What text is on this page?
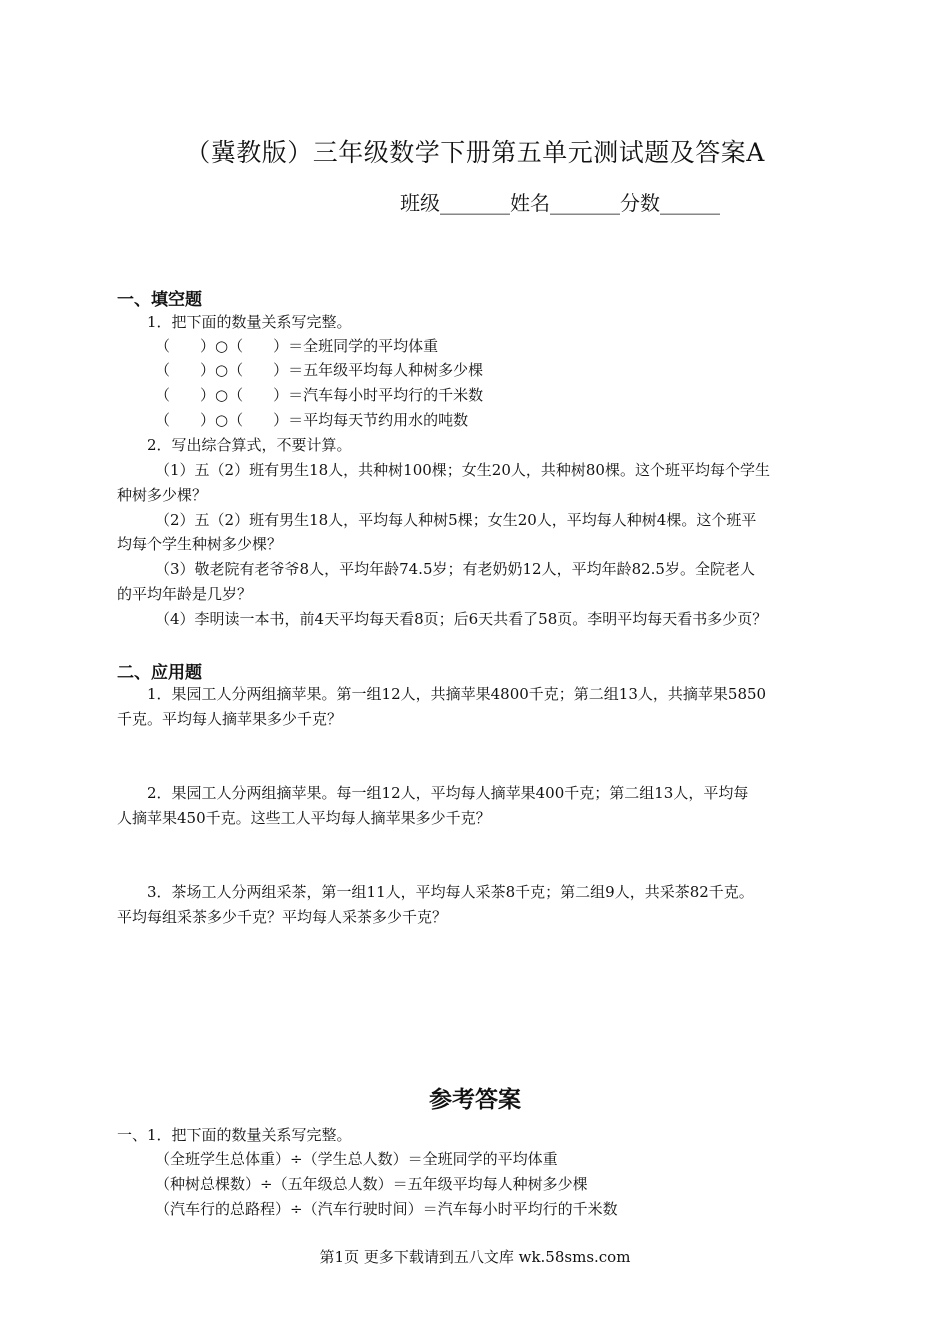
（冀教版）三年级数学下册第五单元测试题及答案A
班级_______姓名_______分数______
一、填空题
1．把下面的数量关系写完整。
（　　）○（　　）＝全班同学的平均体重
（　　）○（　　）＝五年级平均每人种树多少棵
（　　）○（　　）＝汽车每小时平均行的千米数
（　　）○（　　）＝平均每天节约用水的吨数
2．写出综合算式，不要计算。
（1）五（2）班有男生18人，共种树100棵；女生20人，共种树80棵。这个班平均每个学生
种树多少棵？
（2）五（2）班有男生18人，平均每人种树5棵；女生20人，平均每人种树4棵。这个班平
均每个学生种树多少棵？
（3）敬老院有老爷爷8人，平均年龄74.5岁；有老奶奶12人，平均年龄82.5岁。全院老人
的平均年龄是几岁？
（4）李明读一本书，前4天平均每天看8页；后6天共看了58页。李明平均每天看书多少页？
二、应用题
1．果园工人分两组摘苹果。第一组12人，共摘苹果4800千克；第二组13人，共摘苹果5850
千克。平均每人摘苹果多少千克？
2．果园工人分两组摘苹果。每一组12人，平均每人摘苹果400千克；第二组13人，平均每
人摘苹果450千克。这些工人平均每人摘苹果多少千克？
3．茶场工人分两组采茶，第一组11人，平均每人采茶8千克；第二组9人，共采茶82千克。
平均每组采茶多少千克？平均每人采茶多少千克？
参考答案
一、1．把下面的数量关系写完整。
（全班学生总体重）÷（学生总人数）＝全班同学的平均体重
（种树总棵数）÷（五年级总人数）＝五年级平均每人种树多少棵
（汽车行的总路程）÷（汽车行驶时间）＝汽车每小时平均行的千米数
第1页 更多下载请到五八文库 wk.58sms.com
